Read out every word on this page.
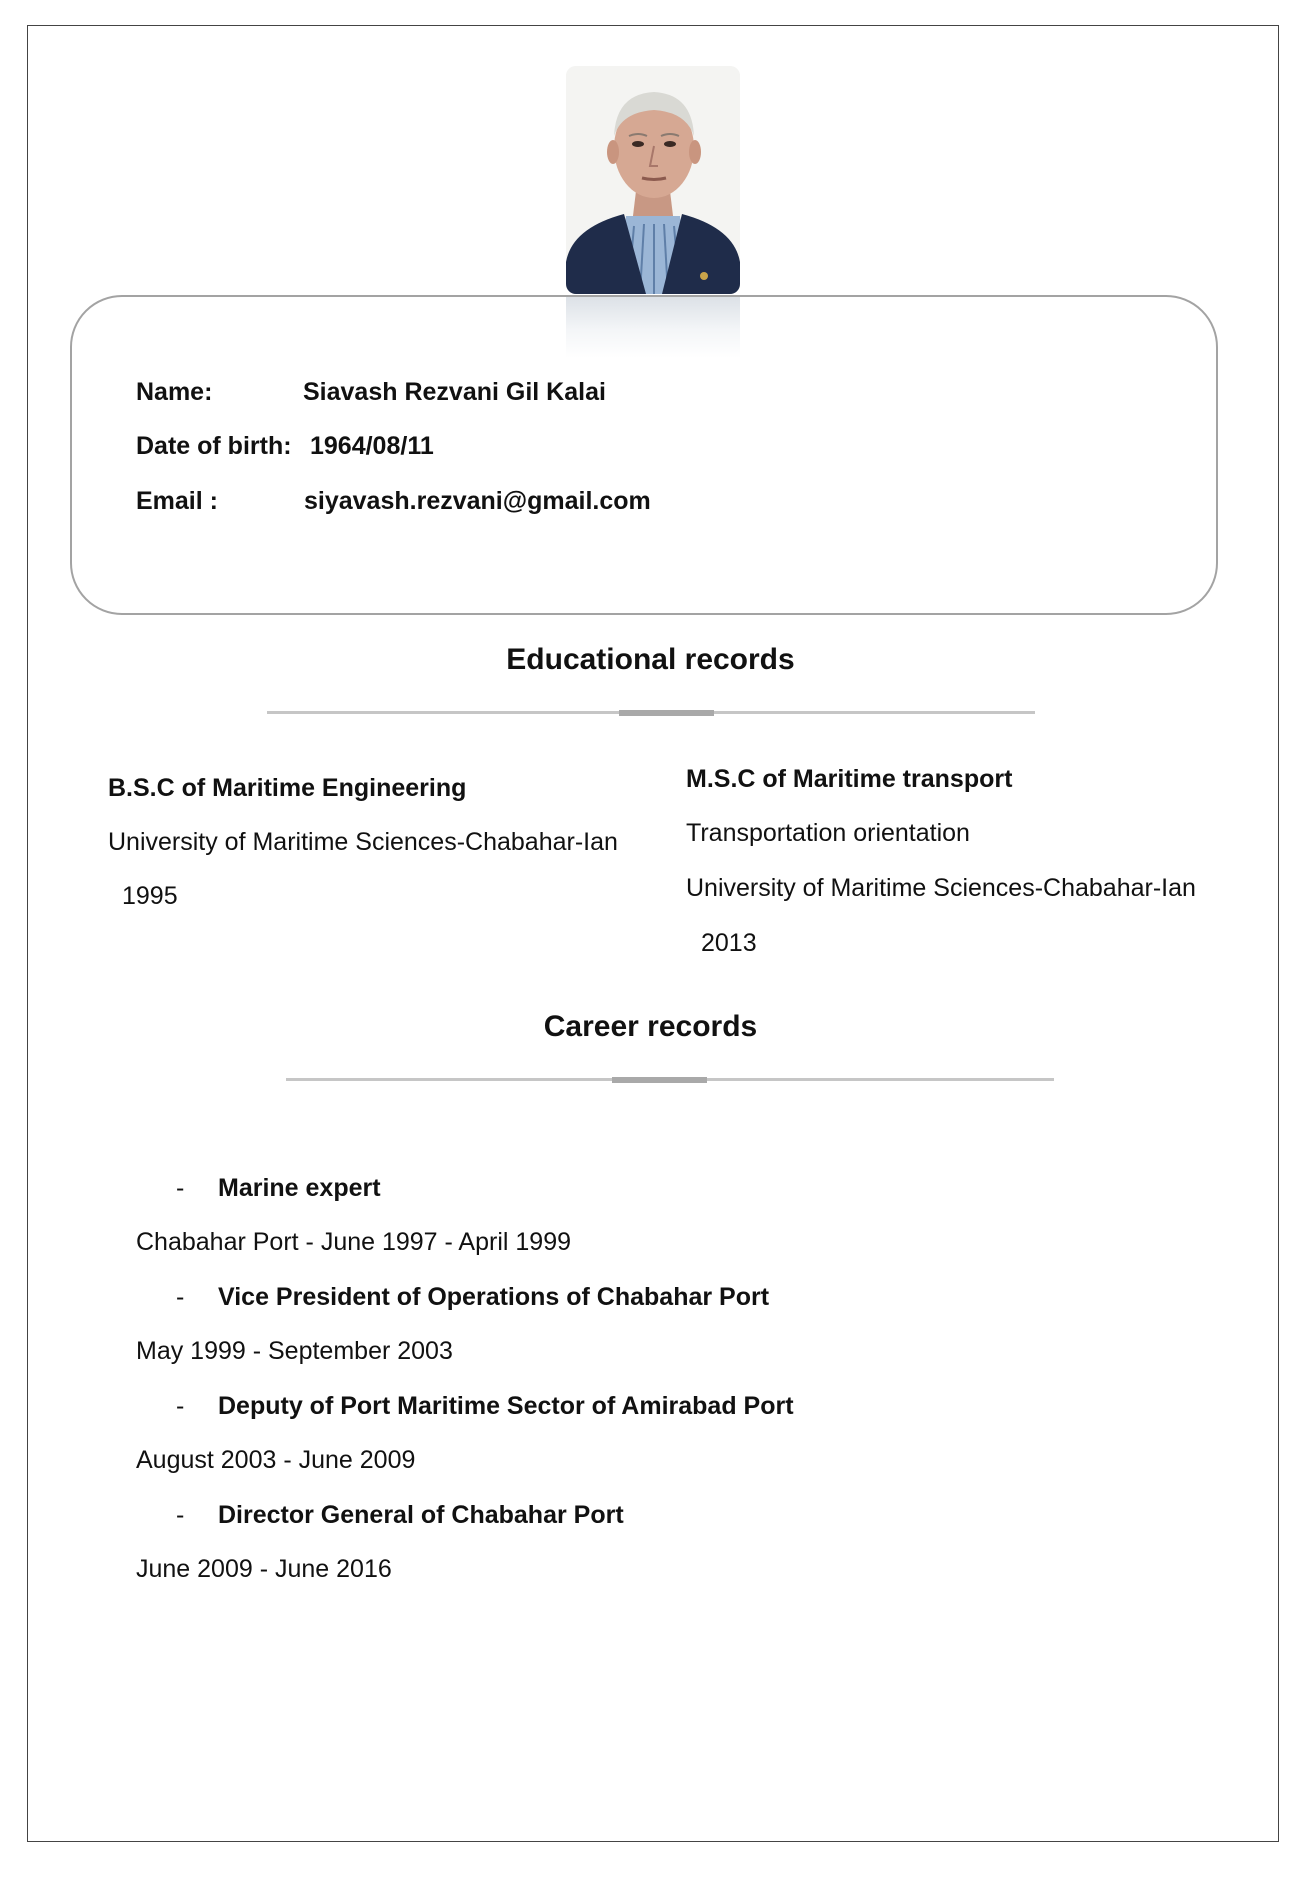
Name:	Siavash Rezvani Gil Kalai
Date of birth: 1964/08/11
Email :	siyavash.rezvani@gmail.com
Educational records
B.S.C of Maritime Engineering
University of Maritime Sciences-Chabahar-Ian
1995
M.S.C of Maritime transport
Transportation orientation
University of Maritime Sciences-Chabahar-Ian
2013
Career records
- Marine expert
Chabahar Port - June 1997 - April 1999
- Vice President of Operations of Chabahar Port
May 1999 - September 2003
- Deputy of Port Maritime Sector of Amirabad Port
August 2003 - June 2009
- Director General of Chabahar Port
June 2009 - June 2016
